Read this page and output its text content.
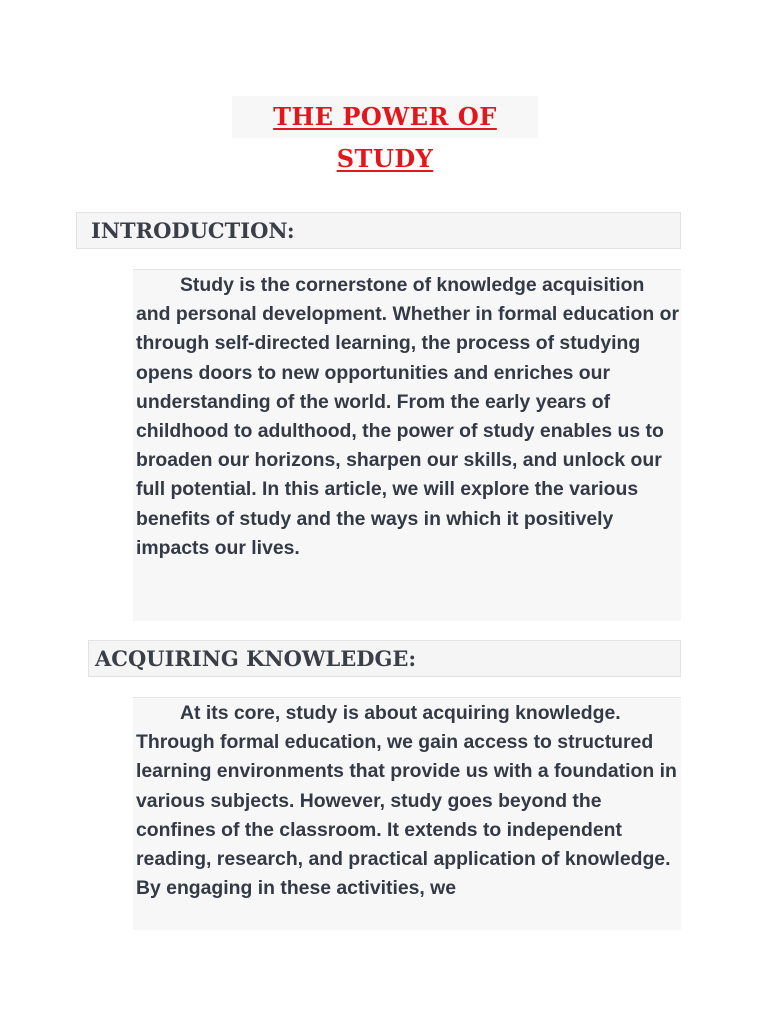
THE POWER OF STUDY
INTRODUCTION:

Study is the cornerstone of knowledge acquisition and personal development. Whether in formal education or through self-directed learning, the process of studying opens doors to new opportunities and enriches our understanding of the world. From the early years of childhood to adulthood, the power of study enables us to broaden our horizons, sharpen our skills, and unlock our full potential. In this article, we will explore the various benefits of study and the ways in which it positively impacts our lives.

ACQUIRING KNOWLEDGE:

At its core, study is about acquiring knowledge. Through formal education, we gain access to structured learning environments that provide us with a foundation in various subjects. However, study goes beyond the confines of the classroom. It extends to independent reading, research, and practical application of knowledge. By engaging in these activities, we
